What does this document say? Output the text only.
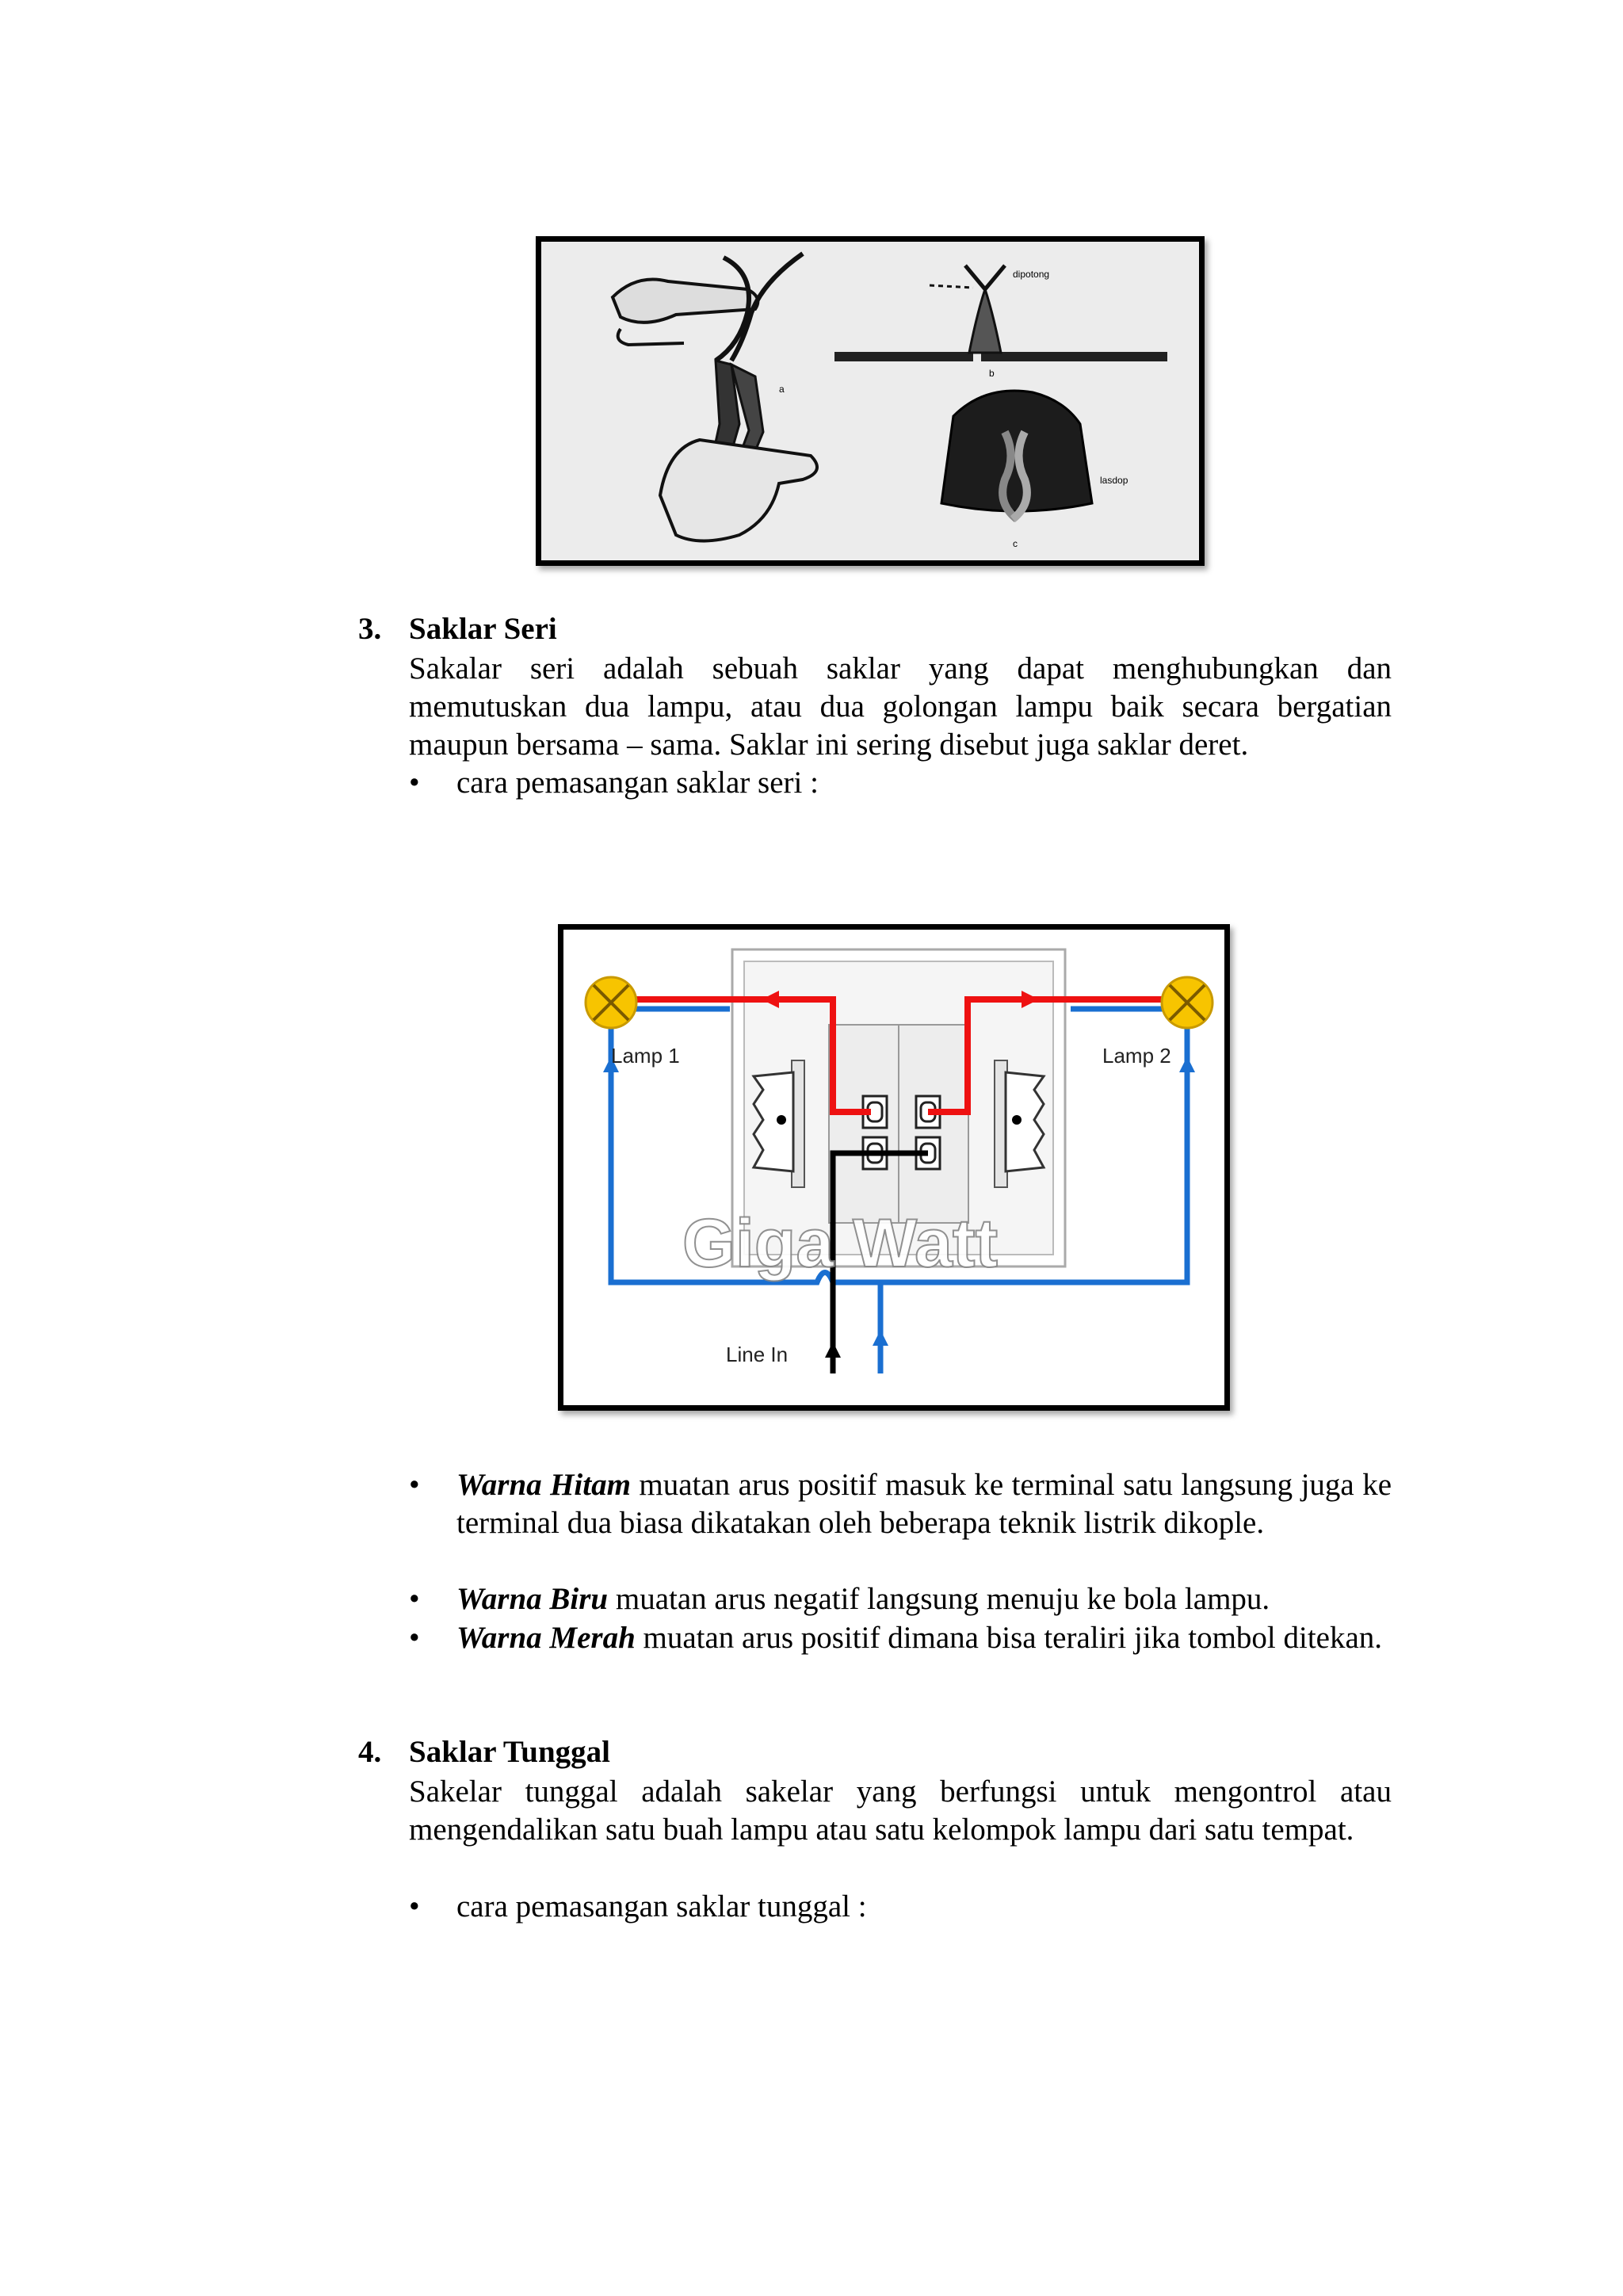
a
dipotong
b
lasdop
c
Lamp 1	Lamp 2
Line In
Giga Watt
3. Saklar Seri
Sakalar seri adalah sebuah saklar yang dapat menghubungkan dan memutuskan dua lampu, atau dua golongan lampu baik secara bergatian maupun bersama – sama. Saklar ini sering disebut juga saklar deret.
•	cara pemasangan saklar seri :
•	Warna Hitam muatan arus positif masuk ke terminal satu langsung juga ke terminal dua biasa dikatakan oleh beberapa teknik listrik dikople.
•	Warna Biru muatan arus negatif langsung menuju ke bola lampu.
•	Warna Merah muatan arus positif dimana bisa teraliri jika tombol ditekan.
4. Saklar Tunggal
Sakelar tunggal adalah sakelar yang berfungsi untuk mengontrol atau mengendalikan satu buah lampu atau satu kelompok lampu dari satu tempat.
•	cara pemasangan saklar tunggal :
